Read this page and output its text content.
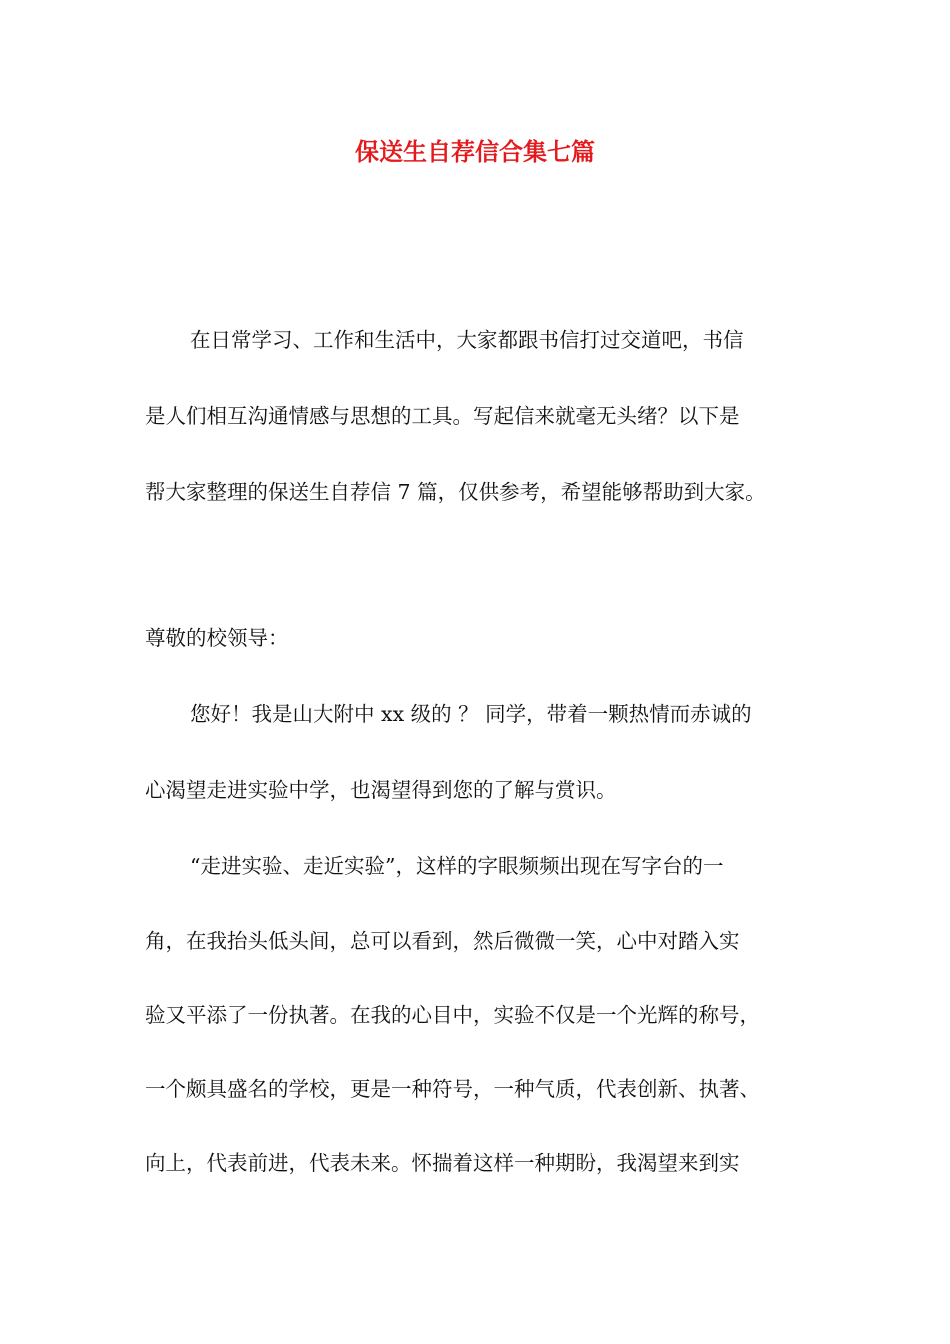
保送生自荐信合集七篇
在日常学习、工作和生活中，大家都跟书信打过交道吧，书信
是人们相互沟通情感与思想的工具。写起信来就毫无头绪？以下是
帮大家整理的保送生自荐信 7 篇，仅供参考，希望能够帮助到大家。
尊敬的校领导：
您好！我是山大附中 xx 级的 ？ 同学，带着一颗热情而赤诚的
心渴望走进实验中学，也渴望得到您的了解与赏识。
“走进实验、走近实验”，这样的字眼频频出现在写字台的一
角，在我抬头低头间，总可以看到，然后微微一笑，心中对踏入实
验又平添了一份执著。在我的心目中，实验不仅是一个光辉的称号，
一个颇具盛名的学校，更是一种符号，一种气质，代表创新、执著、
向上，代表前进，代表未来。怀揣着这样一种期盼，我渴望来到实
